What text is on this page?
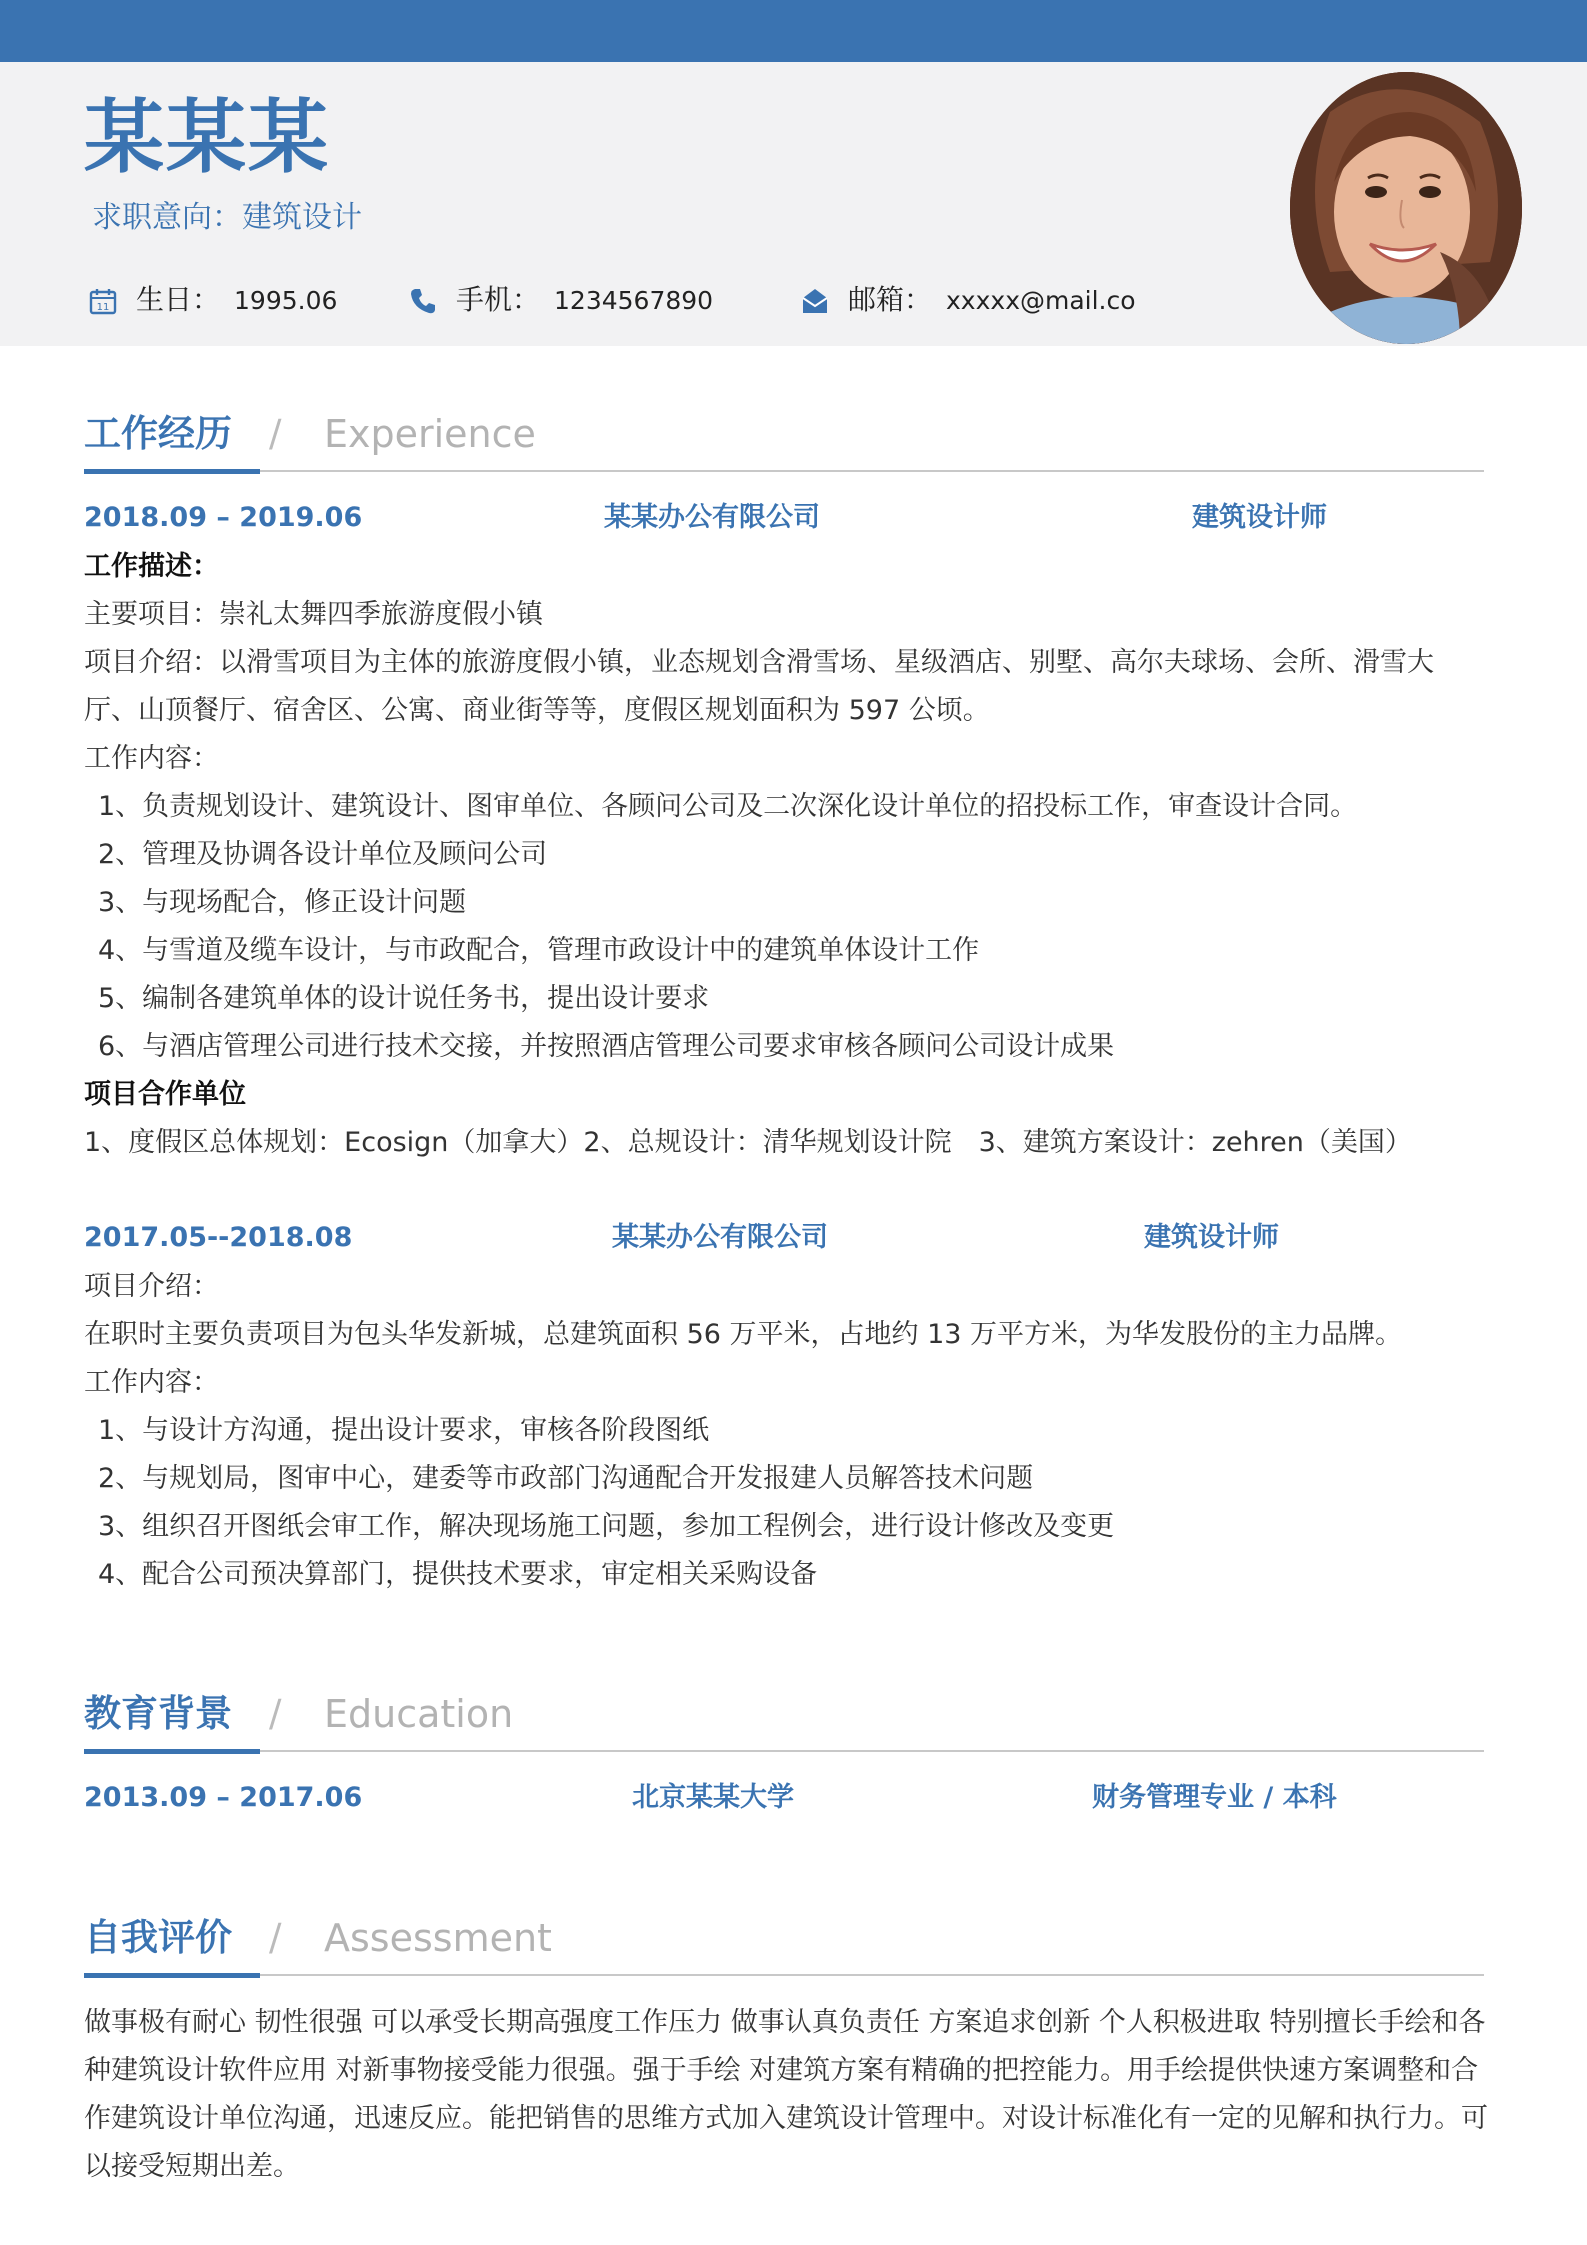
某某某
求职意向：建筑设计
11 生日： 1995.06	手机： 1234567890	邮箱： xxxxx@mail.co
工作经历 / Experience
2018.09 – 2019.06	某某办公有限公司	建筑设计师
工作描述：
主要项目：崇礼太舞四季旅游度假小镇
项目介绍：以滑雪项目为主体的旅游度假小镇，业态规划含滑雪场、星级酒店、别墅、高尔夫球场、会所、滑雪大
厅、山顶餐厅、宿舍区、公寓、商业街等等，度假区规划面积为 597 公顷。
工作内容：
1、负责规划设计、建筑设计、图审单位、各顾问公司及二次深化设计单位的招投标工作，审查设计合同。
2、管理及协调各设计单位及顾问公司
3、与现场配合，修正设计问题
4、与雪道及缆车设计，与市政配合，管理市政设计中的建筑单体设计工作
5、编制各建筑单体的设计说任务书，提出设计要求
6、与酒店管理公司进行技术交接，并按照酒店管理公司要求审核各顾问公司设计成果
项目合作单位
1、度假区总体规划：Ecosign（加拿大）2、总规设计：清华规划设计院　3、建筑方案设计：zehren（美国）
2017.05--2018.08	某某办公有限公司	建筑设计师
项目介绍：
在职时主要负责项目为包头华发新城，总建筑面积 56 万平米，占地约 13 万平方米，为华发股份的主力品牌。
工作内容：
1、与设计方沟通，提出设计要求，审核各阶段图纸
2、与规划局，图审中心，建委等市政部门沟通配合开发报建人员解答技术问题
3、组织召开图纸会审工作，解决现场施工问题，参加工程例会，进行设计修改及变更
4、配合公司预决算部门，提供技术要求，审定相关采购设备
教育背景 / Education
2013.09 – 2017.06	北京某某大学	财务管理专业 / 本科
自我评价 / Assessment
做事极有耐心 韧性很强 可以承受长期高强度工作压力 做事认真负责任 方案追求创新 个人积极进取 特别擅长手绘和各种建筑设计软件应用 对新事物接受能力很强。强于手绘 对建筑方案有精确的把控能力。用手绘提供快速方案调整和合作建筑设计单位沟通，迅速反应。能把销售的思维方式加入建筑设计管理中。对设计标准化有一定的见解和执行力。可以接受短期出差。
